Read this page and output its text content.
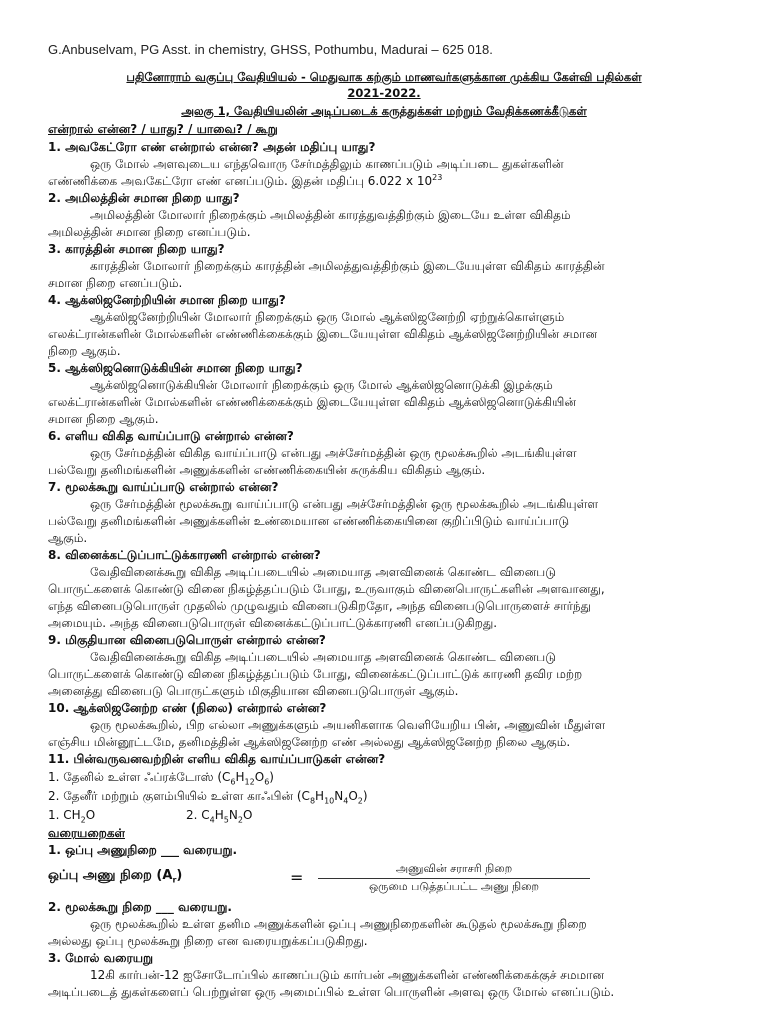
G.Anbuselvam, PG Asst. in chemistry, GHSS, Pothumbu, Madurai – 625 018.
பதினோராம் வகுப்பு வேதியியல் - மெதுவாக கற்கும் மாணவர்களுக்கான முக்கிய கேள்வி பதில்கள்
2021-2022.
அலகு 1, வேதியியலின் அடிப்படைக் கருத்துக்கள் மற்றும் வேதிக்கணக்கீடுகள்
என்றால் என்ன? / யாது? / யாவை? / கூறு
1. அவகேட்ரோ எண் என்றால் என்ன? அதன் மதிப்பு யாது?
ஒரு மோல் அளவுடைய எந்தவொரு சேர்மத்திலும் காணப்படும் அடிப்படை துகள்களின்
எண்ணிக்கை அவகேட்ரோ எண் எனப்படும். இதன் மதிப்பு 6.022 x $10^{23}$
2. அமிலத்தின் சமான நிறை யாது?
அமிலத்தின் மோலார் நிறைக்கும் அமிலத்தின் காரத்துவத்திற்கும் இடையே உள்ள விகிதம்
அமிலத்தின் சமான நிறை எனப்படும்.
3. காரத்தின் சமான நிறை யாது?
காரத்தின் மோலார் நிறைக்கும் காரத்தின் அமிலத்துவத்திற்கும் இடையேயுள்ள விகிதம் காரத்தின்
சமான நிறை எனப்படும்.
4. ஆக்ஸிஜனேற்றியின் சமான நிறை யாது?
ஆக்ஸிஜனேற்றியின் மோலார் நிறைக்கும் ஒரு மோல் ஆக்ஸிஜனேற்றி ஏற்றுக்கொள்ளும்
எலக்ட்ரான்களின் மோல்களின் எண்ணிக்கைக்கும் இடையேயுள்ள விகிதம் ஆக்ஸிஜனேற்றியின் சமான
நிறை ஆகும்.
5. ஆக்ஸிஜனொடுக்கியின் சமான நிறை யாது?
ஆக்ஸிஜனொடுக்கியின் மோலார் நிறைக்கும் ஒரு மோல் ஆக்ஸிஜனொடுக்கி இழக்கும்
எலக்ட்ரான்களின் மோல்களின் எண்ணிக்கைக்கும் இடையேயுள்ள விகிதம் ஆக்ஸிஜனொடுக்கியின்
சமான நிறை ஆகும்.
6. எளிய விகித வாய்ப்பாடு என்றால் என்ன?
ஒரு சேர்மத்தின் விகித வாய்ப்பாடு என்பது அச்சேர்மத்தின் ஒரு மூலக்கூறில் அடங்கியுள்ள
பல்வேறு தனிமங்களின் அணுக்களின் எண்ணிக்கையின் சுருக்கிய விகிதம் ஆகும்.
7. மூலக்கூறு வாய்ப்பாடு என்றால் என்ன?
ஒரு சேர்மத்தின் மூலக்கூறு வாய்ப்பாடு என்பது அச்சேர்மத்தின் ஒரு மூலக்கூறில் அடங்கியுள்ள
பல்வேறு தனிமங்களின் அணுக்களின் உண்மையான எண்ணிக்கையினை குறிப்பிடும் வாய்ப்பாடு
ஆகும்.
8. வினைக்கட்டுப்பாட்டுக்காரணி என்றால் என்ன?
வேதிவினைக்கூறு விகித அடிப்படையில் அமையாத அளவினைக் கொண்ட வினைபடு
பொருட்களைக் கொண்டு வினை நிகழ்த்தப்படும் போது, உருவாகும் வினைபொருட்களின் அளவானது,
எந்த வினைபடுபொருள் முதலில் முழுவதும் வினைபடுகிறதோ, அந்த வினைபடுபொருளைச் சார்ந்து
அமையும். அந்த வினைபடுபொருள் வினைக்கட்டுப்பாட்டுக்காரணி எனப்படுகிறது.
9. மிகுதியான வினைபடுபொருள் என்றால் என்ன?
வேதிவினைக்கூறு விகித அடிப்படையில் அமையாத அளவினைக் கொண்ட வினைபடு
பொருட்களைக் கொண்டு வினை நிகழ்த்தப்படும் போது, வினைக்கட்டுப்பாட்டுக் காரணி தவிர மற்ற
அனைத்து வினைபடு பொருட்களும் மிகுதியான வினைபடுபொருள் ஆகும்.
10. ஆக்ஸிஜனேற்ற எண் (நிலை) என்றால் என்ன?
ஒரு மூலக்கூறில், பிற எல்லா அணுக்களும் அயனிகளாக வெளியேறிய பின், அணுவின் மீதுள்ள
எஞ்சிய மின்னூட்டமே, தனிமத்தின் ஆக்ஸிஜனேற்ற எண் அல்லது ஆக்ஸிஜனேற்ற நிலை ஆகும்.
11. பின்வருவனவற்றின் எளிய விகித வாய்ப்பாடுகள் என்ன?
1. தேனில் உள்ள ஃப்ரக்டோஸ் $(C_6H_{12}O_6)$
2. தேனீர் மற்றும் குளம்பியில் உள்ள காஃபின் $(C_8H_{10}N_4O_2)$
1. $CH_2O$	2. $C_4H_5N_2O$
வரையறைகள்
1. ஒப்பு அணுநிறை ___ வரையறு.
ஒப்பு அணு நிறை $(A_r)$	=	அணுவின் சராசரி நிறை
ஒருமை படுத்தப்பட்ட அணு நிறை
2. மூலக்கூறு நிறை ___ வரையறு.
ஒரு மூலக்கூறில் உள்ள தனிம அணுக்களின் ஒப்பு அணுநிறைகளின் கூடுதல் மூலக்கூறு நிறை
அல்லது ஒப்பு மூலக்கூறு நிறை என வரையறுக்கப்படுகிறது.
3. மோல் வரையறு
12கி கார்பன்-12 ஐசோடோப்பில் காணப்படும் கார்பன் அணுக்களின் எண்ணிக்கைக்குச் சமமான
அடிப்படைத் துகள்களைப் பெற்றுள்ள ஒரு அமைப்பில் உள்ள பொருளின் அளவு ஒரு மோல் எனப்படும்.
